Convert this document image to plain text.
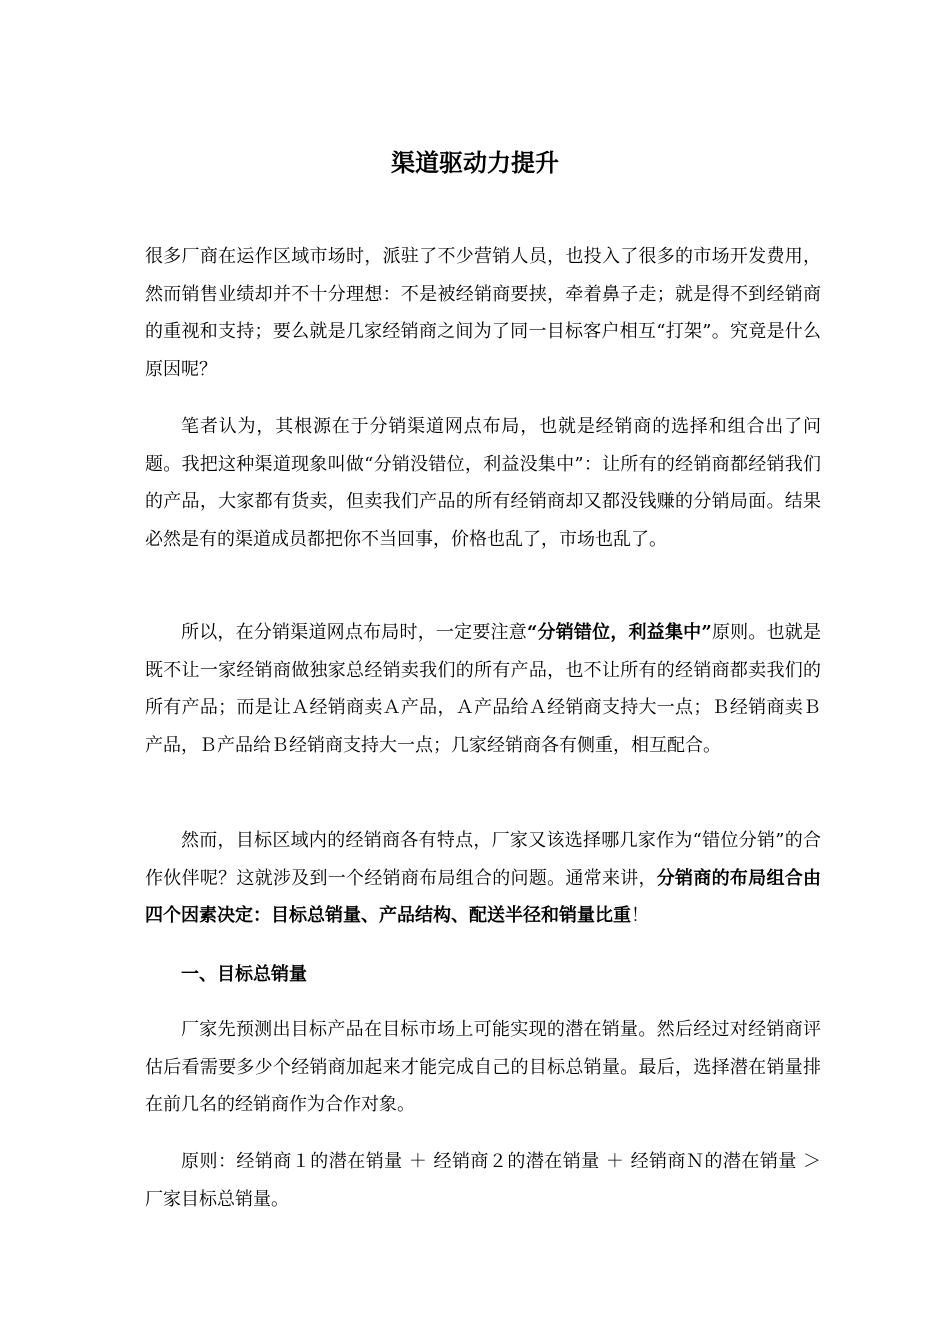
渠道驱动力提升

很多厂商在运作区域市场时，派驻了不少营销人员，也投入了很多的市场开发费用，然而销售业绩却并不十分理想：不是被经销商要挟，牵着鼻子走；就是得不到经销商的重视和支持；要么就是几家经销商之间为了同一目标客户相互“打架”。究竟是什么原因呢？

笔者认为，其根源在于分销渠道网点布局，也就是经销商的选择和组合出了问题。我把这种渠道现象叫做“分销没错位，利益没集中”：让所有的经销商都经销我们的产品，大家都有货卖，但卖我们产品的所有经销商却又都没钱赚的分销局面。结果必然是有的渠道成员都把你不当回事，价格也乱了，市场也乱了。

所以，在分销渠道网点布局时，一定要注意“分销错位，利益集中”原则。也就是既不让一家经销商做独家总经销卖我们的所有产品，也不让所有的经销商都卖我们的所有产品；而是让Ａ经销商卖Ａ产品，Ａ产品给Ａ经销商支持大一点；Ｂ经销商卖Ｂ产品，Ｂ产品给Ｂ经销商支持大一点；几家经销商各有侧重，相互配合。

然而，目标区域内的经销商各有特点，厂家又该选择哪几家作为“错位分销”的合作伙伴呢？这就涉及到一个经销商布局组合的问题。通常来讲，分销商的布局组合由四个因素决定：目标总销量、产品结构、配送半径和销量比重！

一、目标总销量

厂家先预测出目标产品在目标市场上可能实现的潜在销量。然后经过对经销商评估后看需要多少个经销商加起来才能完成自己的目标总销量。最后，选择潜在销量排在前几名的经销商作为合作对象。

原则：经销商１的潜在销量 ＋ 经销商２的潜在销量 ＋ 经销商Ｎ的潜在销量 ＞ 厂家目标总销量。
